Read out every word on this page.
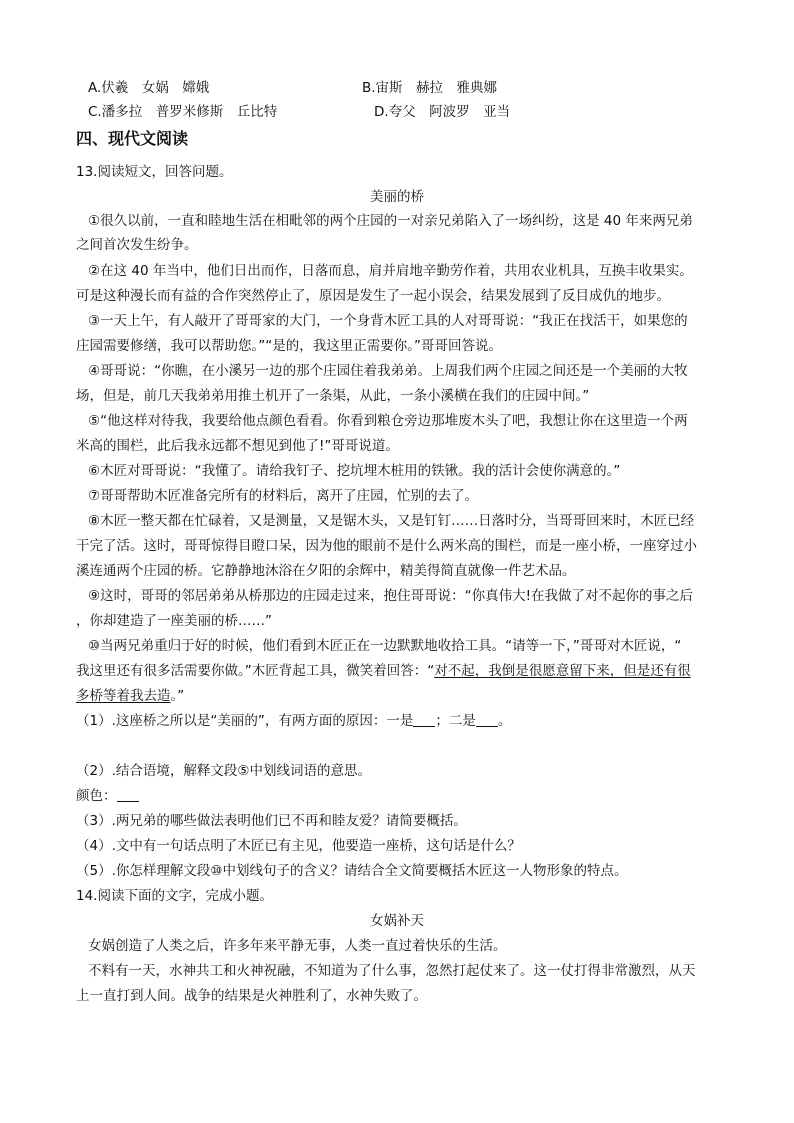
A.伏羲　女娲　嫦娥	B.宙斯　赫拉　雅典娜
C.潘多拉　普罗米修斯　丘比特	D.夸父　阿波罗　亚当
四、现代文阅读
13.阅读短文，回答问题。
美丽的桥
①很久以前，一直和睦地生活在相毗邻的两个庄园的一对亲兄弟陷入了一场纠纷，这是 40 年来两兄弟
之间首次发生纷争。
②在这 40 年当中，他们日出而作，日落而息，肩并肩地辛勤劳作着，共用农业机具，互换丰收果实。
可是这种漫长而有益的合作突然停止了，原因是发生了一起小误会，结果发展到了反目成仇的地步。
③一天上午，有人敲开了哥哥家的大门，一个身背木匠工具的人对哥哥说：“我正在找活干，如果您的
庄园需要修缮，我可以帮助您。”“是的，我这里正需要你。”哥哥回答说。
④哥哥说：“你瞧，在小溪另一边的那个庄园住着我弟弟。上周我们两个庄园之间还是一个美丽的大牧
场，但是，前几天我弟弟用推土机开了一条渠，从此，一条小溪横在我们的庄园中间。”
⑤“他这样对待我，我要给他点颜色看看。你看到粮仓旁边那堆废木头了吧，我想让你在这里造一个两
米高的围栏，此后我永远都不想见到他了!”哥哥说道。
⑥木匠对哥哥说：“我懂了。请给我钉子、挖坑埋木桩用的铁锹。我的活计会使你满意的。”
⑦哥哥帮助木匠准备完所有的材料后，离开了庄园，忙别的去了。
⑧木匠一整天都在忙碌着，又是测量，又是锯木头，又是钉钉……日落时分，当哥哥回来时，木匠已经
干完了活。这时，哥哥惊得目瞪口呆，因为他的眼前不是什么两米高的围栏，而是一座小桥，一座穿过小
溪连通两个庄园的桥。它静静地沐浴在夕阳的余辉中，精美得简直就像一件艺术品。
⑨这时，哥哥的邻居弟弟从桥那边的庄园走过来，抱住哥哥说：“你真伟大!在我做了对不起你的事之后
，你却建造了一座美丽的桥……”
⑩当两兄弟重归于好的时候，他们看到木匠正在一边默默地收拾工具。“请等一下，”哥哥对木匠说，“
我这里还有很多活需要你做。”木匠背起工具，微笑着回答：“对不起，我倒是很愿意留下来，但是还有很
多桥等着我去造。”
（1）.这座桥之所以是“美丽的”，有两方面的原因：一是 ；二是 。
（2）.结合语境，解释文段⑤中划线词语的意思。
颜色：
（3）.两兄弟的哪些做法表明他们已不再和睦友爱？请简要概括。
（4）.文中有一句话点明了木匠已有主见，他要造一座桥，这句话是什么？
（5）.你怎样理解文段⑩中划线句子的含义？请结合全文简要概括木匠这一人物形象的特点。
14.阅读下面的文字，完成小题。
女娲补天
女娲创造了人类之后，许多年来平静无事，人类一直过着快乐的生活。
不料有一天，水神共工和火神祝融，不知道为了什么事，忽然打起仗来了。这一仗打得非常激烈，从天
上一直打到人间。战争的结果是火神胜利了，水神失败了。
